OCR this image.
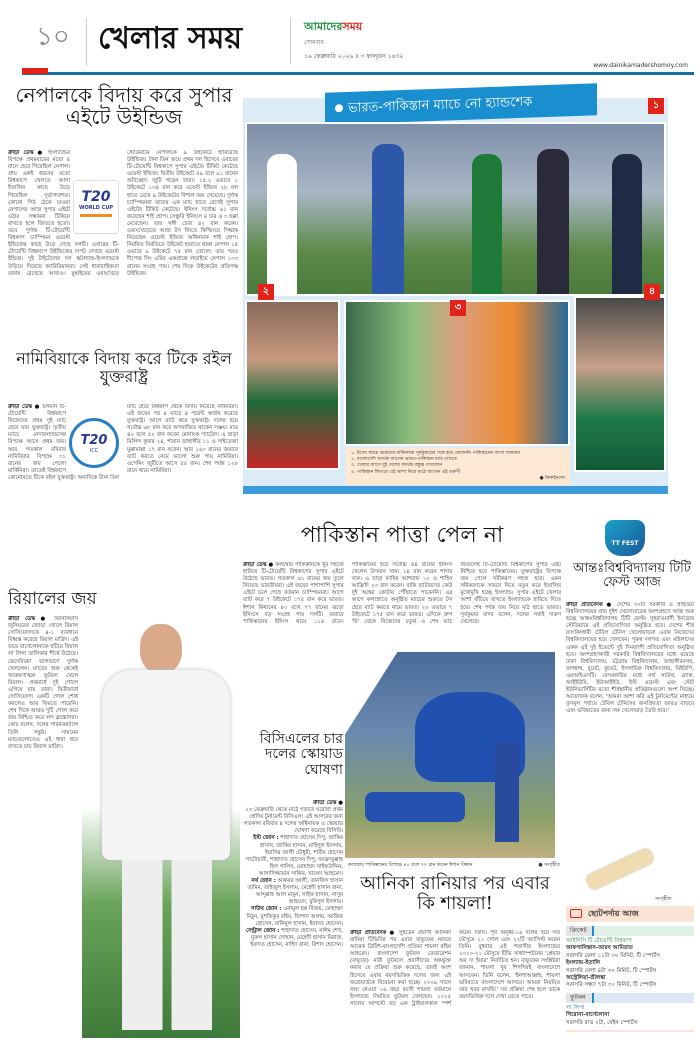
১০ খেলার সময়	আমাদেরসময়
সোমবার
১৬ ফেব্রুয়ারি ২০২৬ ॥ ৩ ফাল্গুন ১৪৩২
www.dainikamadershomoy.com
নেপালকে বিদায় করে সুপার এইটে উইন্ডিজ
T20
WORLD CUP
ক্রীড়া ডেস্ক ● ইংল্যান্ডের বিপক্ষে প্রথমবারের মতো ৪ রানে হেরে গিয়েছিল নেপাল। প্রায় একই ধরনের মতো বিশ্বকাপে খেলতে আসা ইতালির কাছে উড়ে গিয়েছিল দুর্ভাগ্যবশত। কোনো পিঠ ঠেকে যাওয়া নেপালের আজ সুপার এইটে ওঠার সম্ভাবনা টিকিয়ে রাখতে হলে জিততে হতো। তবে দুর্দান্ত টি-টোয়েন্টি বিশ্বকাপ চ্যাম্পিয়ন ওয়েস্ট ইন্ডিজের কাছে উড়ে গেছে দলটি। এবারের টি-টোয়েন্টি বিশ্বকাপে উইন্ডিজের দাপট দেখছে ওয়েস্ট ইন্ডিজ। দুই টাইটেলের দল স্কটল্যান্ড-ইংল্যান্ডকে উড়িয়ে দিয়েছে ক্যারিবিয়ানরা। সেই ধারাবাহিকতা বজায় রেখেছে আজও। মুম্বাইয়ের ওয়াংখেড়ে স্টেডিয়ামে নেপালকে ৯ উইকেটে হারিয়েছে উইন্ডিজ। টানা তিন জয়ে প্রথম দল হিসেবে এবারের টি-টোয়েন্টি বিশ্বকাপে সুপার এইটের টিকিট কেটেছে ওয়েস্ট ইন্ডিজ। দ্বিতীয় উইকেটে ৫৯ বলে ৯১ রানের অবিচ্ছেদ্য জুটি গড়েন তারা। ১৫.২ ওভারে ১ উইকেটে ১৩৪ রান করে ওয়েস্ট ইন্ডিজ ২৮ বল হাতে রেখে ৯ উইকেটের বিশাল জয় পেয়েছে। দুর্দান্ত চ্যাম্পিয়নরা তাদের এক ম্যাচ হাতে রেখেই সুপার এইটের টিকিট কেটেছে। ইনিংস সর্বোচ্চ ৬১ রান করেছেন শাই হোপ। সেঞ্চুরি ইনিংসে ৪ চার ও ৩ ছক্কা মেরেছেন। তার সঙ্গী চেজ ৪২ রান করেন। ওয়াংখেড়েতে আজ টস জিতে ফিল্ডিংয়ে সিদ্ধান্ত নিয়েছেন ওয়েস্ট ইন্ডিজ অধিনায়ক শাই হোপ। নিয়মিত বিরতিতে উইকেট হারাতে থাকা নেপাল ১৫ ওভারে ৯ উইকেটে ৭৫ রান তোলে। তার পরও দীপেন্দ্র সিং এরির একপ্রান্তে লড়াইয়ে নেপাল ১৩৩ রানের সংগ্রহ পায়। শেষ দিকে উইকেটের প্রতিপক্ষ উইন্ডিজ।
নামিবিয়াকে বিদায় করে টিকে রইল যুক্তরাষ্ট্র
T20
ICC
ক্রীড়া ডেস্ক ● চলমান টি-টোয়েন্টি বিশ্বকাপে নিজেদের প্রথম দুই ম্যাচ হেরে যায় যুক্তরাষ্ট্র। তৃতীয় ম্যাচে নেদারল্যান্ডসের বিপক্ষে আসে প্রথম জয়। আর গতকাল রবিবার নামিবিয়ার বিপক্ষে ৩১ রানের জয় পেলো মার্কিনিরা। তাতেই বিশ্বকাপে কোনোমতে টিকে রইল যুক্তরাষ্ট্র। অন্যদিকে টানা তিন ম্যাচ হেরে বিশ্বকাপ থেকে বিদায় নিয়েছে নামিবিয়া। এই জয়ের পর ৪ ম্যাচে ৪ পয়েন্ট অর্জন করেছে যুক্তরাষ্ট্র। আগে ব্যাট করে যুক্তরাষ্ট্র। দলের হয়ে সর্বোচ্চ ৬৮ রান করে অপরাজিত থাকেন সঞ্জয়। মাত্র ৪০ বলে ৫২ রান করেন মোনাংক প্যাটেল। এ ছাড়া মিলিন্দ কুমার ২৪, শায়ান জাহাঙ্গীর ১১ ও সাইতেজা মুক্কামাল্লা ১৭ রান করেন। আর ১৬০ রানের জবাবে ব্যাট করতে নেমে ভালো শুরু পায় নামিবিয়া। ওপেনিং জুটিতে আসে ৫৫ রান। শেষ পর্যন্ত ১২৮ রানে থামে নামিবিয়া।
রিয়ালের জয়
ক্রীড়া ডেস্ক ● ভিনিসিয়াস জুনিয়রের জোড়া গোলে রিয়াল সোসিয়েদাদকে ৪-১ ব্যবধানে বিধ্বস্ত করেছে রিয়াল মাদ্রিদ। এই জয়ে বার্সেলোনাকে হটিয়ে রিয়াল লা লিগা তালিকার শীর্ষে উঠেছে। ফেদেরিকো ভালভার্দে দুর্দান্ত খেললেন। ম্যাচের শুরু থেকেই আক্রমণাত্মক ফুটবল খেলে রিয়াল। প্রথমার্ধে দুই গোলে এগিয়ে যায় তারা। দ্বিতীয়ার্ধে সোসিয়েদাদ একটি গোল শোধ করলেও আর ফিরতে পারেনি। শেষ দিকে আরও দুটি গোল করে জয় নিশ্চিত করে লস ব্লাঙ্কোসরা। কোচ বলেন, দলের পারফরম্যান্সে তিনি সন্তুষ্ট। সামনের ম্যাচগুলোতেও এই ধারা ধরে রাখতে চায় রিয়াল মাদ্রিদ।
ভারত-পাকিস্তান ম্যাচে নো হ্যান্ডশেক	১
২
৩
৪
১. টসের সময়ে ভারতের অধিনায়ক সূর্যকুমারের সঙ্গে হাত মেলাননি পাকিস্তানের আগা সালমান
২. বাংলাদেশি সমর্থক আসেন ভারত-পাকিস্তান ম্যাচ দেখতে
৩. খেলার আগে দুই দেশের সমর্থক বন্ধুত্ব দেখালেন
৪. পাকিস্তান জিতবে এই আশা নিয়ে মাঠে আসেন এই তরুণী
● ক্রিকইনফো
পাকিস্তান পাত্তা পেল না
ক্রীড়া ডেস্ক ● কলম্বোয় পাকিস্তানকে খুব সহজে হারিয়ে টি-টোয়েন্টি বিশ্বকাপের সুপার এইটে উঠেছে ভারত। গতকাল ৬১ রানের জয় তুলে নিয়েছে ভারতীয়রা। এই জয়ের পাশাপাশি সুপার এইটে চলে গেছে বর্তমান চ্যাম্পিয়নরা। আগে ব্যাট করে ৭ উইকেটে ১৭৫ রান করে ভারত। ঈশান কিষানের ৪০ বলে ৭৭ রানের ঝড়ো ইনিংসে বড় সংগ্রহ পায় দলটি। জবাবে পাকিস্তানের ইনিংস থামে ১১৪ রানে। পাকিস্তানের হয়ে সর্বোচ্চ ৪৪ রানের ইনিংস খেলেন উসমান খান। ১৪ রান করেন শাদাব খান। এ ছাড়া ফাহিম আশরাফ ১০ ও শাহিন আফ্রিদি ২৩ রান করেন। বাকি ব্যাটারদের কেউ দুই অঙ্কের কোটায় পৌঁছাতে পারেননি। এর আগে কলম্বোতে অনুষ্ঠিত ম্যাচের শুরুতে টস হেরে ব্যাট করতে নামে ভারত। ২০ ওভারে ৭ উইকেটে ১৭৫ রান করে ভারত। এদিকে গ্রুপ 'বি' থেকে নিজেদের চতুর্থ ও শেষ ম্যাচ জিতলেই টি-টোয়েন্টি বিশ্বকাপের সুপার এইট নিশ্চিত হবে পাকিস্তানের। যুক্তরাষ্ট্রের বিপক্ষে জয় পেলে সমীকরণ সহজ হবে। এমন সমীকরণকে সামনে নিয়ে নতুন করে ইতালির মুখোমুখি হচ্ছে ইংল্যান্ড। সুপার এইটে খেলার আশা বাঁচিয়ে রাখতে ইংল্যান্ডকে হারিয়ে দিতে হবে। শেষ পর্যন্ত জয় নিয়ে মাঠ ছাড়ে ভারত। সূর্যকুমার যাদব বলেন, দলের সবাই দারুণ খেলেছে।
কলম্বোয় পাকিস্তানের বিপক্ষে ৪০ বলে ৭৭ রান করেন ঈশান কিষান	● সংগৃহীত
বিসিএলের চার দলের স্কোয়াড ঘোষণা
ক্রীড়া ডেস্ক ●
২৩ ফেব্রুয়ারি থেকে মাঠে গড়াবে ঘরোয়া প্রথম শ্রেণির টুর্নামেন্ট বিসিএল। এই আসরের জন্য গতকাল রবিবার ৪ দলের অধিনায়ক ও স্কোয়াড ঘোষণা করেছে বিসিবি।
ইস্ট জোন : শাহাদাত হোসেন দিপু, জাকির হাসান, জাকির হাসান, মাহিদুল ইসলাম, ইয়াসির আলী চৌধুরী, শামীম হোসেন পাটোয়ারী, শাহাদাত হোসেন দিপু, আফ্রাফুল্লাহ হিল গালিব, মোহাম্মদ সাইফউদ্দিন, আসাদিজ্জামান সাকিব, খালেদ আহমেদ।
নর্থ জোন : আকবর আলী, তানজিদ হাসান তামিম, তাইজুল ইসলাম, মেহেদী হাসান রানা, আব্দুল্লাহ আল মামুন, সাইফ হাসান, নাসুম আহমেদ, মুকিদুল ইসলাম।
সাউথ জোন : এনামুল হক বিজয়, মোহাম্মদ মিঠুন, মুশফিকুর রহিম, জিশান আলম, আফিফ হোসেন, রাকিবুল হাসান, ইবাদত হোসেন।
সেন্ট্রাল জোন : শাহাদাত হোসেন, নাঈম শেখ, নুরুল হাসান সোহান, মেহেদী হাসান মিরাজ, ইবাদত হোসেন, নাহিদ রানা, রিশাদ হোসেন।
আনিকা রানিয়ার পর এবার কি শায়লা!
ক্রীড়া প্রতিবেদক ● সুইডেন প্রবাসী আনিকা রানিয়া টিভিবির পর এবার বাফুফের নজরে আরেক ব্রিটিশ-বাংলাদেশি প্রতিভা শায়লা রহিম আহমেদ। বাংলাদেশ ফুটবল ফেডারেশন (বাফুফে) নারী ফুটবলে প্রবাসীদের অন্তর্ভুক্ত করার যে প্রক্রিয়া শুরু করেছে, তারই অংশ হিসেবে এবার বয়সভিত্তিক দলের জন্য এই ফরোয়ার্ডকে বিবেচনা করা হচ্ছে। ২০০৯ সালে জন্ম নেওয়া ১৬ বছর বয়সী শায়লা বর্তমানে ইংল্যান্ডে নিয়মিত ফুটবল খেলছেন। ২০২৫ সালের আগস্টে বড় এক ট্রাইবালকাল স্পর্শ করেন তিনি। পূর্ব অনূর্ধ্ব-১৬ দলের হয়ে গত মৌসুমে ২১ গোল এবং ২২টি অ্যাসিস্ট করেন তিনি। বুধবার এই শতাব্দীর ইংল্যান্ডের ২০২০-২১ মৌসুমে টিভি সার্থ্যাম্পটনের 'প্লেয়ার অব দ্য ইয়ার' নির্বাচিত হন। বাফুফের সংশ্লিষ্টরা জানান, শায়লা খুব শিগগিরই বাংলাদেশে আসবেন। তিনি বলেন, 'ইনশাআল্লাহ, শায়লা ভবিষ্যতে বাংলাদেশে আসবে। আমরা নিয়মিত তার খবর রাখছি।' সব প্রক্রিয়া শেষ হলে তাকে বয়সভিত্তিক দলে দেখা যেতে পারে।
TT FEST
আন্তঃবিশ্ববিদ্যালয় টিটি ফেস্ট আজ
ক্রীড়া প্রতিবেদক ● দেশের ৩০টি সরকারি ও প্রাইভেট বিশ্ববিদ্যালয়ের প্রায় দুইশ খেলোয়াড়ের অংশগ্রহণে আজ শুরু হচ্ছে আন্তঃবিশ্ববিদ্যালয় টিটি ফেস্ট। সুহরাওয়ার্দী ইনডোর স্টেডিয়ামে এই প্রতিযোগিতা অনুষ্ঠিত হবে। দেশের শীর্ষ র‍্যাংকিংধারী টেবিল টেনিস খেলোয়াড়রা এবার নিজেদের বিশ্ববিদ্যালয়ের হয়ে খেলবেন। পুরুষ দলগত এবং মহিলাদের একক এই দুই ইভেন্টে দুই দিনব্যাপী প্রতিযোগিতা অনুষ্ঠিত হবে। অংশগ্রহণকারী সরকারি বিশ্ববিদ্যালয়ের মধ্যে রয়েছে ঢাকা বিশ্ববিদ্যালয়, চট্টগ্রাম বিশ্ববিদ্যালয়, জাহাঙ্গীরনগর, জগন্নাথ, বুয়েট, কুয়েট, ইসলামিক বিশ্ববিদ্যালয়, বিইউপি, এমআইএসটি। বেসরকারির মধ্যে নর্থ সাউথ, ব্র্যাক, আইইউবি, ইউআইইউ, ইস্ট ওয়েস্ট এবং স্টেট ইউনিভার্সিটির মতো শীর্ষস্থানীয় প্রতিষ্ঠানগুলো অংশ নিচ্ছে। আয়োজক বলেন, 'আমরা আশা করি এই টুর্নামেন্টের মাধ্যমে তৃণমূল পর্যায়ে টেবিল টেনিসের জনপ্রিয়তা আরও বাড়বে এবং ভবিষ্যতের জন্য দক্ষ খেলোয়াড় তৈরি হবে।'
সংগৃহীত
ছোটপর্দায় আজ
ক্রিকেট
আইসিসি টি টোয়েন্টি বিশ্বকাপ
আফগানিস্তান-আরব আমিরাত
সরাসরি বেলা ১১টা ৩০ মিনিট, টি স্পোর্টস
ইংল্যান্ড-ইতালি
সরাসরি বেলা ৪টা ৩০ মিনিট, টি স্পোর্টস
অস্ট্রেলিয়া-শ্রীলঙ্কা
সরাসরি সন্ধ্যা ৭টা ৩০ মিনিট, টি স্পোর্টস
ফুটবল
লা লিগা
গিরোনা-বার্সেলোনা
সরাসরি রাত ২টা, বেইন স্পোর্টস
